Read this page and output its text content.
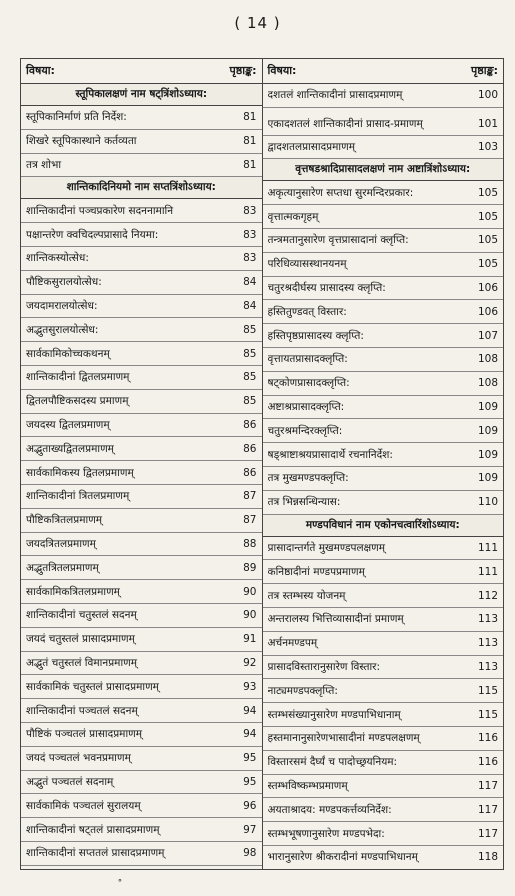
( 14 )
विषया:	पृष्ठाङ्क:
स्तूपिकालक्षणं नाम षट्त्रिंशोऽध्याय:
स्तूपिकानिर्माणं प्रति निर्देश:	81
शिखरे स्तूपिकास्थाने कर्तव्यता	81
तत्र शोभा	81
शान्तिकादिनियमो नाम सप्तत्रिंशोऽध्याय:
शान्तिकादीनां पञ्चप्रकारेण सदननामानि	83
पक्षान्तरेण क्वचिदल्पप्रासादे नियमा:	83
शान्तिकस्योत्सेध:	83
पौष्टिकसुरालयोत्सेध:	84
जयदामरालयोत्सेध:	84
अद्भुतसुरालयोत्सेध:	85
सार्वकामिकोच्चकथनम्	85
शान्तिकादीनां द्वितलप्रमाणम्	85
द्वितलपौष्टिकसदस्य प्रमाणम्	85
जयदस्य द्वितलप्रमाणम्	86
अद्भुताख्यद्वितलप्रमाणम्	86
सार्वकामिकस्य द्वितलप्रमाणम्	86
शान्तिकादीनां त्रितलप्रमाणम्	87
पौष्टिकत्रितलप्रमाणम्	87
जयदत्रितलप्रमाणम्	88
अद्भुतत्रितलप्रमाणम्	89
सार्वकामिकत्रितलप्रमाणम्	90
शान्तिकादीनां चतुस्तलं सदनम्	90
जयदं चतुस्तलं प्रासादप्रमाणम्	91
अद्भुतं चतुस्तलं विमानप्रमाणम्	92
सार्वकामिकं चतुस्तलं प्रासादप्रमाणम्	93
शान्तिकादीनां पञ्चतलं सदनम्	94
पौष्टिकं पञ्चतलं प्रासादप्रमाणम्	94
जयदं पञ्चतलं भवनप्रमाणम्	95
अद्भुतं पञ्चतलं सदनाम्	95
सार्वकामिकं पञ्चतलं सुरालयम्	96
शान्तिकादीनां षट्तलं प्रासादप्रमाणम्	97
शान्तिकादीनां सप्ततलं प्रासादप्रमाणम्	98
विषया:	पृष्ठाङ्क:
दशतलं शान्तिकादीनां प्रासादप्रमाणम्	100
एकादशतलं शान्तिकादीनां प्रासाद-प्रमाणम्	101
द्वादशतलप्रासादप्रमाणम्	103
वृत्तषडश्रादिप्रासादलक्षणं नाम अष्टात्रिंशोऽध्याय:
अकृत्यानुसारेण सप्तधा सुरमन्दिरप्रकार:	105
वृत्तात्मकगृहम्	105
तन्त्रमतानुसारेण वृत्तप्रासादानां क्लृप्ति:	105
परिधिव्यासस्थानयनम्	105
चतुरश्रदीर्घस्य प्रासादस्य क्लृप्ति:	106
हस्तितुण्डवत् विस्तार:	106
हस्तिपृष्ठप्रासादस्य क्लृप्ति:	107
वृत्तायतप्रासादक्लृप्ति:	108
षट्कोणप्रासादक्लृप्ति:	108
अष्टाश्रप्रासादक्लृप्ति:	109
चतुरश्रमन्दिरक्लृप्ति:	109
षड्श्राष्टाश्रयप्रासादार्थे रचनानिर्देश:	109
तत्र मुखमण्डपक्लृप्ति:	109
तत्र भिन्नसन्धिन्यास:	110
मण्डपविधानं नाम एकोनचत्वारिंशोऽध्याय:
प्रासादान्तर्गते मुखमण्डपलक्षणम्	111
कनिष्ठादीनां मण्डपप्रमाणम्	111
तत्र स्तम्भस्य योजनम्	112
अन्तरालस्य भित्तिव्यासादीनां प्रमाणम्	113
अर्चनमण्डपम्	113
प्रासादविस्तारानुसारेण विस्तार:	113
नाट्यमण्डपक्लृप्ति:	115
स्तम्भसंख्यानुसारेण मण्डपाभिधानाम्	115
हस्तमानानुसारेणभासादीनां मण्डपलक्षणम्	116
विस्तारसमं दैर्घ्यं च पादोच्छ्रयनियम:	116
स्तम्भविष्कम्भप्रमाणम्	117
अयताश्रादय: मण्डपकर्त्तव्यनिर्देश:	117
स्तम्भभूषणानुसारेण मण्डपभेदा:	117
भारानुसारेण श्रीकरादीनां मण्डपाभिधानम्	118
॰
